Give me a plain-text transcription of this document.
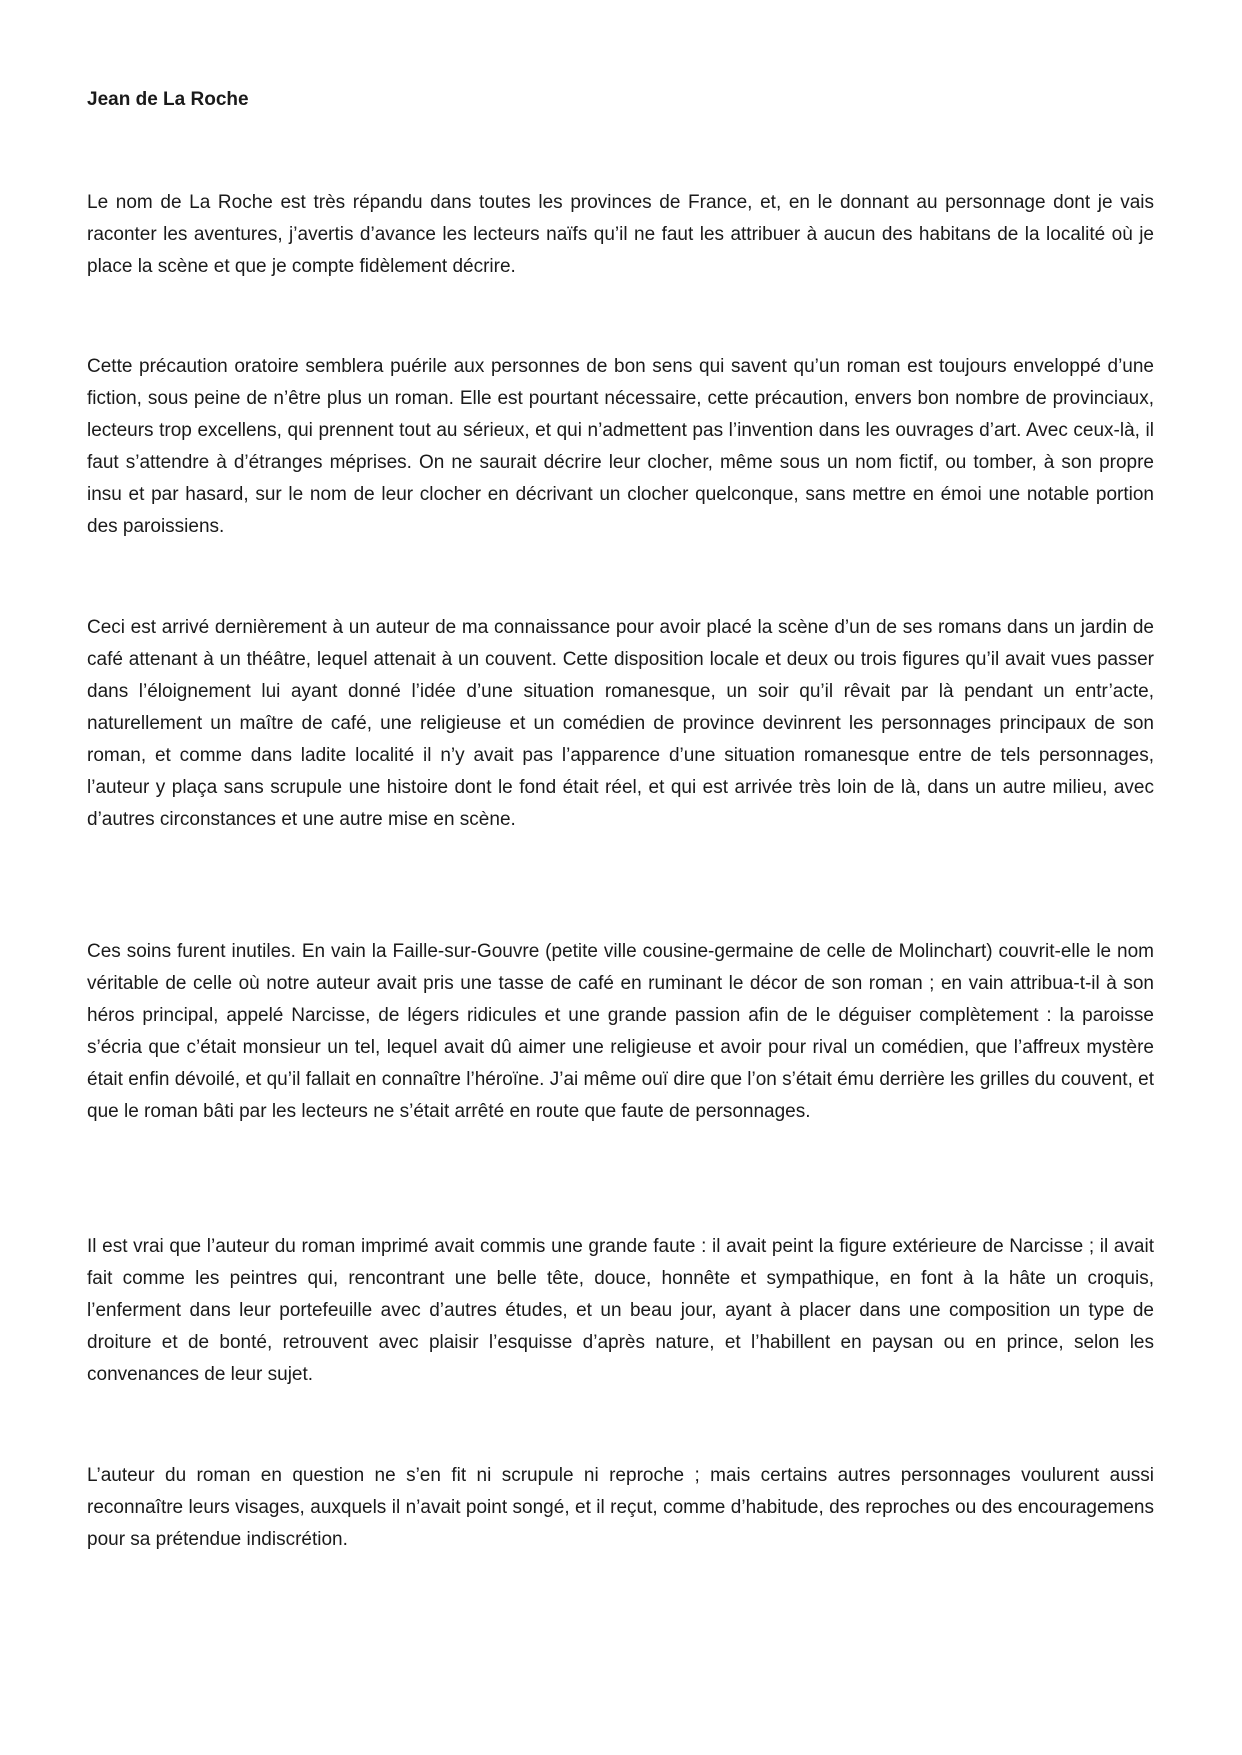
Jean de La Roche

Le nom de La Roche est très répandu dans toutes les provinces de France, et, en le donnant au personnage dont je vais raconter les aventures, j’avertis d’avance les lecteurs naïfs qu’il ne faut les attribuer à aucun des habitans de la localité où je place la scène et que je compte fidèlement décrire.

Cette précaution oratoire semblera puérile aux personnes de bon sens qui savent qu’un roman est toujours enveloppé d’une fiction, sous peine de n’être plus un roman. Elle est pourtant nécessaire, cette précaution, envers bon nombre de provinciaux, lecteurs trop excellens, qui prennent tout au sérieux, et qui n’admettent pas l’invention dans les ouvrages d’art. Avec ceux-là, il faut s’attendre à d’étranges méprises. On ne saurait décrire leur clocher, même sous un nom fictif, ou tomber, à son propre insu et par hasard, sur le nom de leur clocher en décrivant un clocher quelconque, sans mettre en émoi une notable portion des paroissiens.

Ceci est arrivé dernièrement à un auteur de ma connaissance pour avoir placé la scène d’un de ses romans dans un jardin de café attenant à un théâtre, lequel attenait à un couvent. Cette disposition locale et deux ou trois figures qu’il avait vues passer dans l’éloignement lui ayant donné l’idée d’une situation romanesque, un soir qu’il rêvait par là pendant un entr’acte, naturellement un maître de café, une religieuse et un comédien de province devinrent les personnages principaux de son roman, et comme dans ladite localité il n’y avait pas l’apparence d’une situation romanesque entre de tels personnages, l’auteur y plaça sans scrupule une histoire dont le fond était réel, et qui est arrivée très loin de là, dans un autre milieu, avec d’autres circonstances et une autre mise en scène.

Ces soins furent inutiles. En vain la Faille-sur-Gouvre (petite ville cousine-germaine de celle de Molinchart) couvrit-elle le nom véritable de celle où notre auteur avait pris une tasse de café en ruminant le décor de son roman ; en vain attribua-t-il à son héros principal, appelé Narcisse, de légers ridicules et une grande passion afin de le déguiser complètement : la paroisse s’écria que c’était monsieur un tel, lequel avait dû aimer une religieuse et avoir pour rival un comédien, que l’affreux mystère était enfin dévoilé, et qu’il fallait en connaître l’héroïne. J’ai même ouï dire que l’on s’était ému derrière les grilles du couvent, et que le roman bâti par les lecteurs ne s’était arrêté en route que faute de personnages.

Il est vrai que l’auteur du roman imprimé avait commis une grande faute : il avait peint la figure extérieure de Narcisse ; il avait fait comme les peintres qui, rencontrant une belle tête, douce, honnête et sympathique, en font à la hâte un croquis, l’enferment dans leur portefeuille avec d’autres études, et un beau jour, ayant à placer dans une composition un type de droiture et de bonté, retrouvent avec plaisir l’esquisse d’après nature, et l’habillent en paysan ou en prince, selon les convenances de leur sujet.

L’auteur du roman en question ne s’en fit ni scrupule ni reproche ; mais certains autres personnages voulurent aussi reconnaître leurs visages, auxquels il n’avait point songé, et il reçut, comme d’habitude, des reproches ou des encouragemens pour sa prétendue indiscrétion.
